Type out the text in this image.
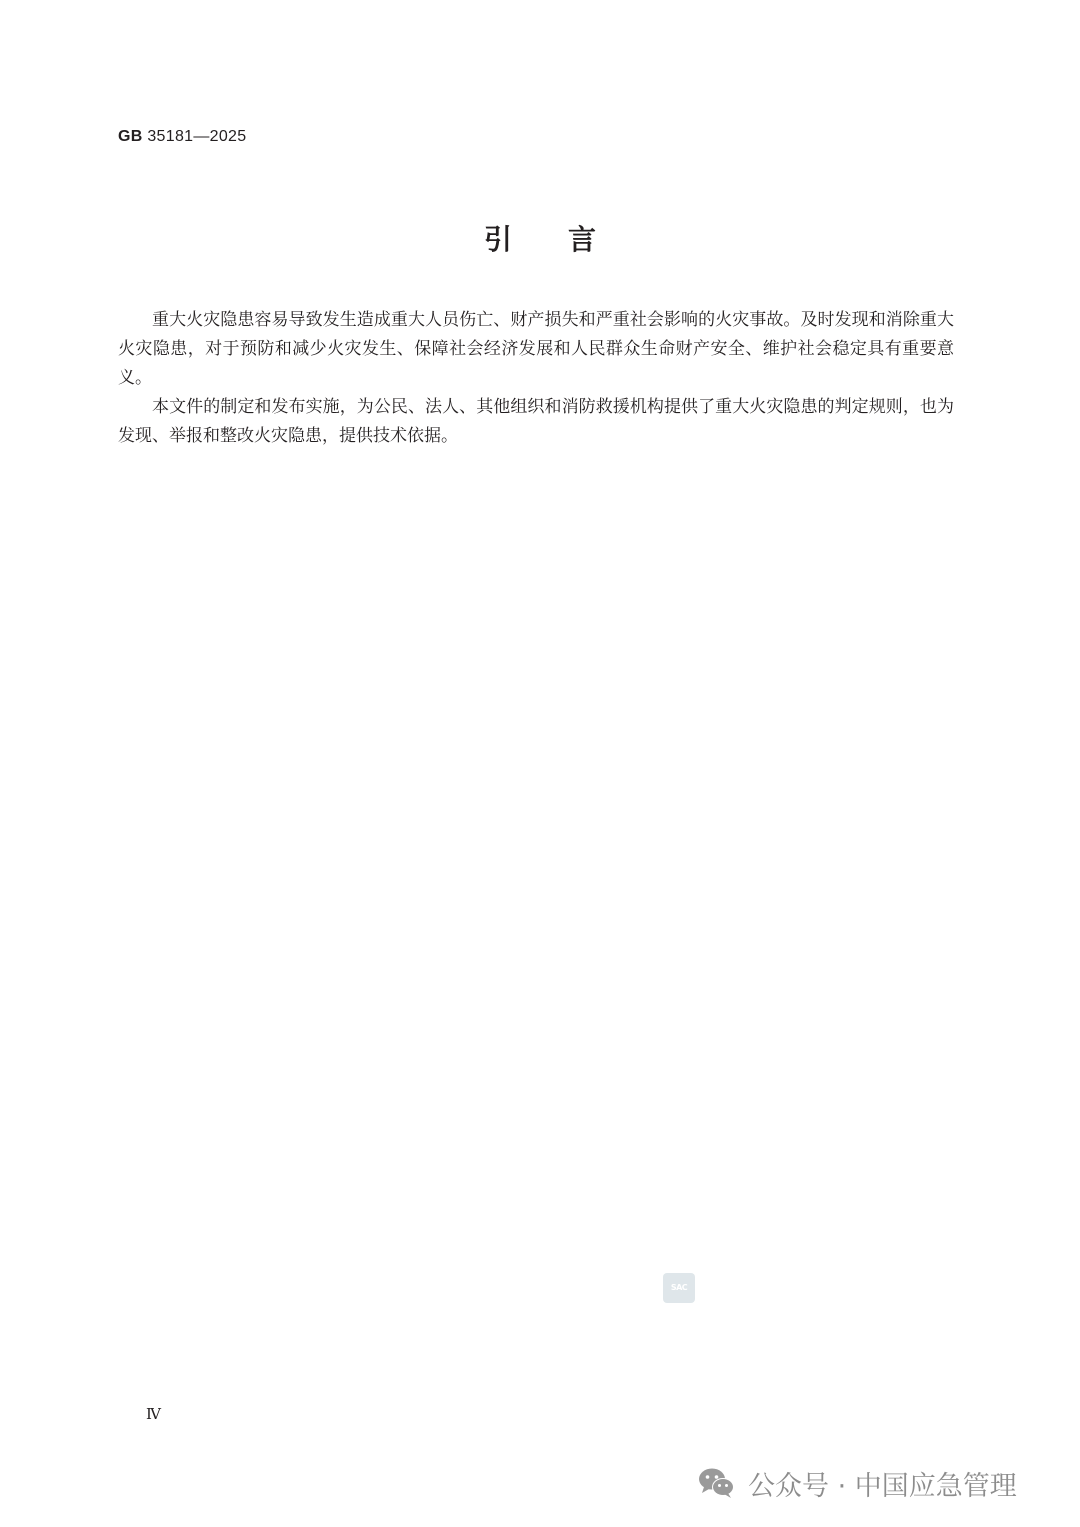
GB 35181—2025
引 言

重大火灾隐患容易导致发生造成重大人员伤亡、财产损失和严重社会影响的火灾事故。及时发现和消除重大火灾隐患，对于预防和减少火灾发生、保障社会经济发展和人民群众生命财产安全、维护社会稳定具有重要意义。

本文件的制定和发布实施，为公民、法人、其他组织和消防救援机构提供了重大火灾隐患的判定规则，也为发现、举报和整改火灾隐患，提供技术依据。

SAC
Ⅳ
公众号 · 中国应急管理
